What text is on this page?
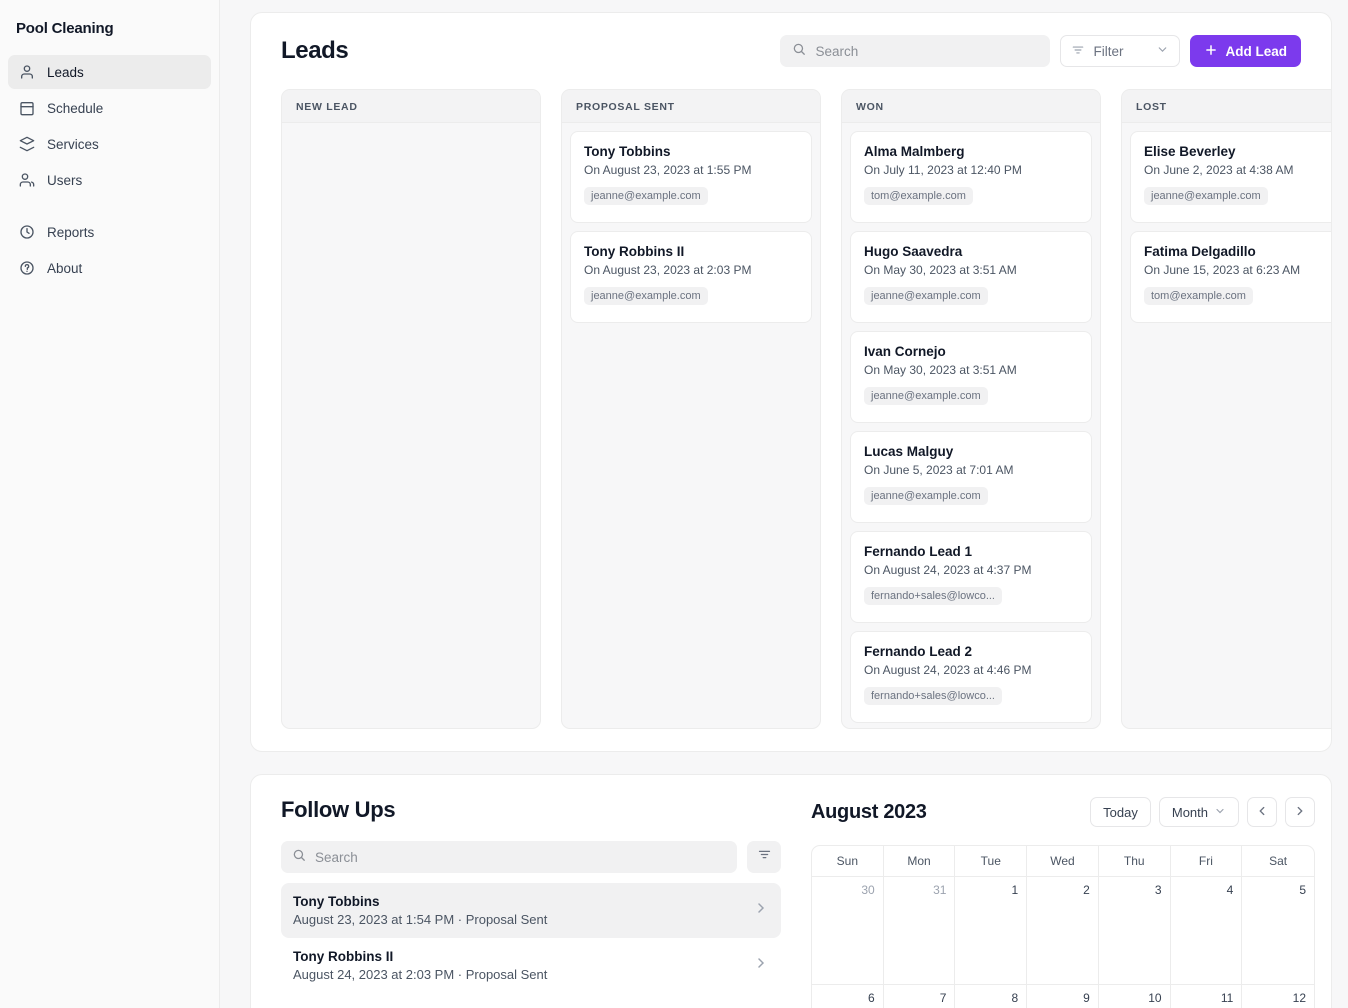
Pool Cleaning
Leads
Schedule
Services
Users
Reports
About
Leads
Search	Filter	Add Lead
NEW LEAD	PROPOSAL SENT
Tony Tobbins
On August 23, 2023 at 1:55 PM
jeanne@example.com
Tony Robbins II
On August 23, 2023 at 2:03 PM
jeanne@example.com
WON
Alma Malmberg
On July 11, 2023 at 12:40 PM
tom@example.com
Hugo Saavedra
On May 30, 2023 at 3:51 AM
jeanne@example.com
Ivan Cornejo
On May 30, 2023 at 3:51 AM
jeanne@example.com
Lucas Malguy
On June 5, 2023 at 7:01 AM
jeanne@example.com
Fernando Lead 1
On August 24, 2023 at 4:37 PM
fernando+sales@lowco...
Fernando Lead 2
On August 24, 2023 at 4:46 PM
fernando+sales@lowco...
LOST
Elise Beverley
On June 2, 2023 at 4:38 AM
jeanne@example.com
Fatima Delgadillo
On June 15, 2023 at 6:23 AM
tom@example.com
Follow Ups
Search
Tony Tobbins
August 23, 2023 at 1:54 PM · Proposal Sent
Tony Robbins II
August 24, 2023 at 2:03 PM · Proposal Sent
August 2023	Today	Month
Sun	Mon	Tue	Wed	Thu	Fri	Sat
30	31	1	2	3	4	5
6	7	8	9	10	11	12
